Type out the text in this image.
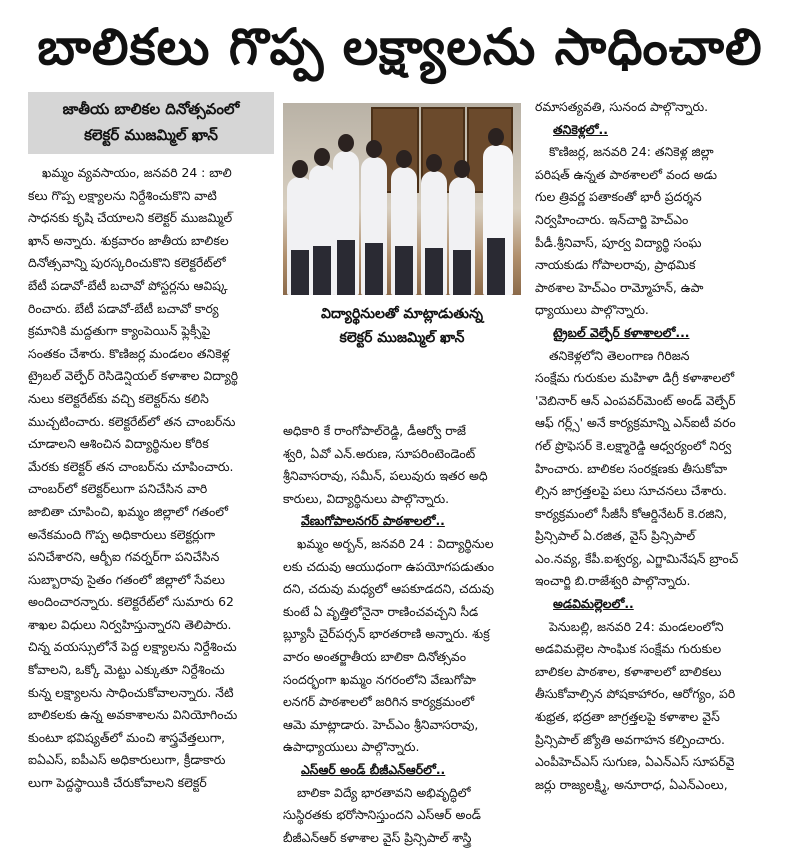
బాలికలు గొప్ప లక్ష్యాలను సాధించాలి
జాతీయ బాలికల దినోత్సవంలో
కలెక్టర్ ముజమ్మిల్ ఖాన్
ఖమ్మం వ్యవసాయం, జనవరి 24 : బాలి
కలు గొప్ప లక్ష్యాలను నిర్దేశించుకొని వాటి
సాధనకు కృషి చేయాలని కలెక్టర్ ముజమ్మిల్
ఖాన్ అన్నారు. శుక్రవారం జాతీయ బాలికల
దినోత్సవాన్ని పురస్కరించుకొని కలెక్టరేట్‌లో
బేటీ పడావో-బేటీ బచావో పోస్టర్లను ఆవిష్క
రించారు. బేటీ పడావో-బేటీ బచావో కార్య
క్రమానికి మద్దతుగా క్యాంపెయిన్ ఫ్లెక్సీపై
సంతకం చేశారు. కొణిజర్ల మండలం తనికెళ్ల
ట్రైబల్ వెల్ఫేర్ రెసిడెన్షియల్ కళాశాల విద్యార్థి
నులు కలెక్టరేట్‌కు వచ్చి కలెక్టర్‌ను కలిసి
ముచ్చటించారు. కలెక్టరేట్‌లో తన చాంబర్‌ను
చూడాలని ఆశించిన విద్యార్థినుల కోరిక
మేరకు కలెక్టర్ తన చాంబర్‌ను చూపించారు.
చాంబర్‌లో కలెక్టర్‌లుగా పనిచేసిన వారి
జాబితా చూపించి, ఖమ్మం జిల్లాలో గతంలో
అనేకమంది గొప్ప అధికారులు కలెక్టర్లుగా
పనిచేశారని, ఆర్బీఐ గవర్నర్‌గా పనిచేసిన
సుబ్బారావు సైతం గతంలో జిల్లాలో సేవలు
అందించారన్నారు. కలెక్టరేట్‌లో సుమారు 62
శాఖల విధులు నిర్వహిస్తున్నారని తెలిపారు.
చిన్న వయస్సులోనే పెద్ద లక్ష్యాలను నిర్దేశించు
కోవాలని, ఒక్కో మెట్టు ఎక్కుతూ నిర్దేశించు
కున్న లక్ష్యాలను సాధించుకోవాలన్నారు. నేటి
బాలికలకు ఉన్న అవకాశాలను వినియోగించు
కుంటూ భవిష్యత్‌లో మంచి శాస్త్రవేత్తలుగా,
ఐఏఎస్, ఐపీఎస్ అధికారులుగా, క్రీడాకారు
లుగా పెద్దస్థాయికి చేరుకోవాలని కలెక్టర్
విద్యార్థినులతో మాట్లాడుతున్న
కలెక్టర్ ముజమ్మిల్ ఖాన్
అధికారి కే రాంగోపాల్‌రెడ్డి, డీఆర్వో రాజే
శ్వరి, ఏవో ఎన్.అరుణ, సూపరింటెండెంట్
శ్రీనివాసరావు, సమీన్, పలువురు ఇతర అధి
కారులు, విద్యార్థినులు పాల్గొన్నారు.
వేణుగోపాలనగర్ పాఠశాలలో..
ఖమ్మం అర్బన్, జనవరి 24 : విద్యార్థినుల
లకు చదువు ఆయుధంగా ఉపయోగపడుతుం
దని, చదువు మధ్యలో ఆపకూడదని, చదువు
కుంటే ఏ వృత్తిలోనైనా రాణించవచ్చని సీడ
బ్ల్యూసీ చైర్‌పర్సన్ భారతరాణి అన్నారు. శుక్ర
వారం అంతర్జాతీయ బాలికా దినోత్సవం
సందర్భంగా ఖమ్మం నగరంలోని వేణుగోపా
లనగర్ పాఠశాలలో జరిగిన కార్యక్రమంలో
ఆమె మాట్లాడారు. హెచ్‌ఎం శ్రీనివాసరావు,
ఉపాధ్యాయులు పాల్గొన్నారు.
ఎస్ఆర్ అండ్ బీజీఎన్ఆర్‌లో..
బాలికా విద్యే భారతావని అభివృద్ధిలో
సుస్థిరతకు భరోసానిస్తుందని ఎస్ఆర్ అండ్
బీజీఎన్ఆర్ కళాశాల వైస్ ప్రిన్సిపాల్ శాస్త్రి
రమాసత్యవతి, సునంద పాల్గొన్నారు.
తనికెళ్లలో..
కొణిజర్ల, జనవరి 24: తనికెళ్ల జిల్లా
పరిషత్ ఉన్నత పాఠశాలలో వంద అడు
గుల త్రివర్ణ పతాకంతో భారీ ప్రదర్శన
నిర్వహించారు. ఇన్‌చార్జి హెచ్‌ఎం
పీడీ.శ్రీనివాస్, పూర్వ విద్యార్థి సంఘ
నాయకుడు గోపాలరావు, ప్రాథమిక
పాఠశాల హెచ్‌ఎం రామ్మోహన్, ఉపా
ధ్యాయులు పాల్గొన్నారు.
ట్రైబల్ వెల్ఫేర్ కళాశాలలో...
తనికెళ్లలోని తెలంగాణ గిరిజన
సంక్షేమ గురుకుల మహిళా డిగ్రీ కళాశాలలో
'వెబినార్ ఆన్ ఎంపవర్‌మెంట్ అండ్ వెల్ఫేర్
ఆఫ్ గర్ల్స్' అనే కార్యక్రమాన్ని ఎన్ఐటీ వరం
గల్ ప్రొఫెసర్ కె.లక్ష్మారెడ్డి ఆధ్వర్యంలో నిర్వ
హించారు. బాలికల సంరక్షణకు తీసుకోవా
ల్సిన జాగ్రత్తలపై పలు సూచనలు చేశారు.
కార్యక్రమంలో సీజీసీ కోఆర్డినేటర్ కె.రజిని,
ప్రిన్సిపాల్ ఏ.రజిత, వైస్ ప్రిన్సిపాల్
ఎం.నవ్య, కేపీ.ఐశ్వర్య, ఎగ్జామినేషన్ బ్రాంచ్
ఇంచార్జి బి.రాజేశ్వరి పాల్గొన్నారు.
అడవిమల్లెలలో..
పెనుబల్లి, జనవరి 24: మండలంలోని
అడవిమల్లెల సాంఘిక సంక్షేమ గురుకుల
బాలికల పాఠశాల, కళాశాలలో బాలికలు
తీసుకోవాల్సిన పోషకాహారం, ఆరోగ్యం, పరి
శుభ్రత, భద్రతా జాగ్రత్తలపై కళాశాల వైస్
ప్రిన్సిపాల్ జ్యోతి అవగాహన కల్పించారు.
ఎంపీహెచ్ఎస్ సుగుణ, ఏఎన్ఎస్ సూపర్‌వై
జర్లు రాజ్యలక్ష్మి, అనూరాధ, ఏఎన్ఎంలు,
